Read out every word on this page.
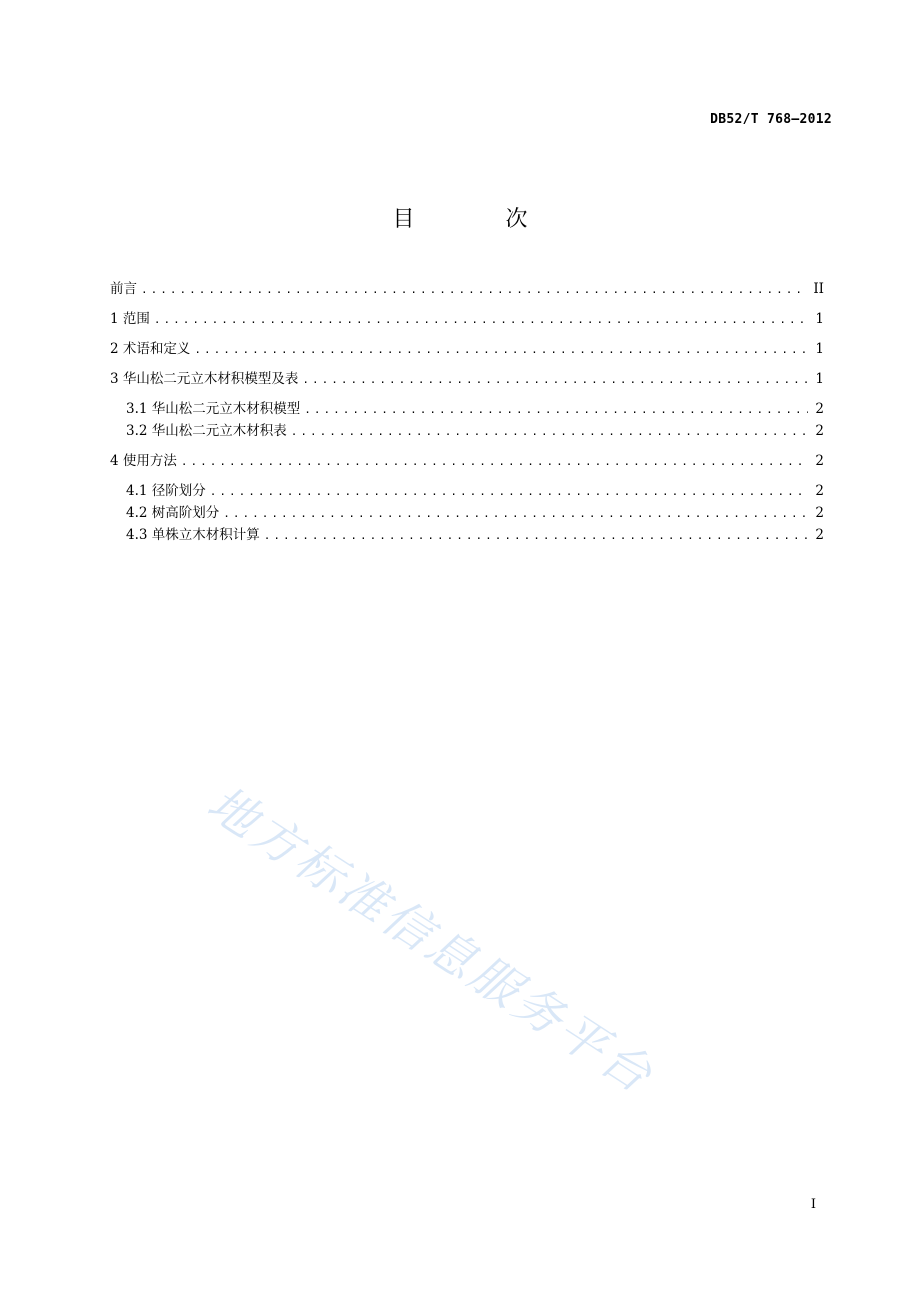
DB52/T 768—2012
目 次
前言 .....	II
1 范围 .....	1
2 术语和定义 .....	1
3 华山松二元立木材积模型及表 .....	1
3.1 华山松二元立木材积模型 .....	2
3.2 华山松二元立木材积表 .....	2
4 使用方法 .....	2
4.1 径阶划分 .....	2
4.2 树高阶划分 .....	2
4.3 单株立木材积计算 .....	2
地方标准信息服务平台
I
